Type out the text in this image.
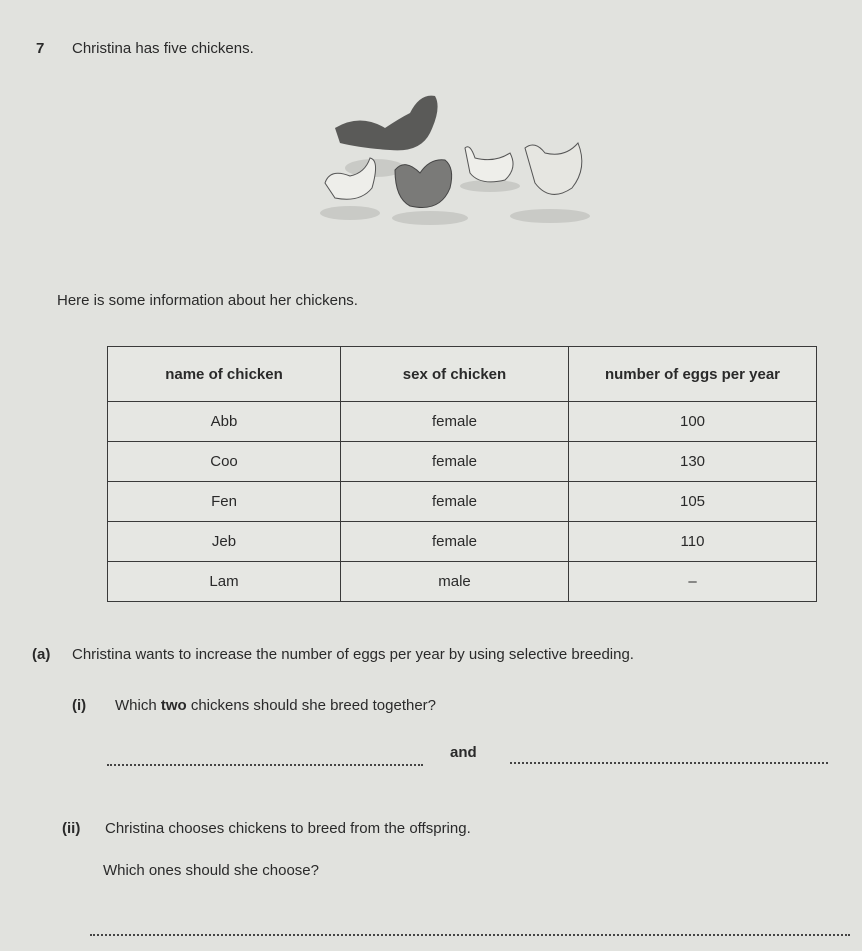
7 Christina has five chickens.
Here is some information about her chickens.
name of chicken	sex of chicken	number of eggs per year
Abb	female	100
Coo	female	130
Fen	female	105
Jeb	female	110
Lam	male	–
(a) Christina wants to increase the number of eggs per year by using selective breeding.
(i) Which two chickens should she breed together?
and
(ii) Christina chooses chickens to breed from the offspring.
Which ones should she choose?
